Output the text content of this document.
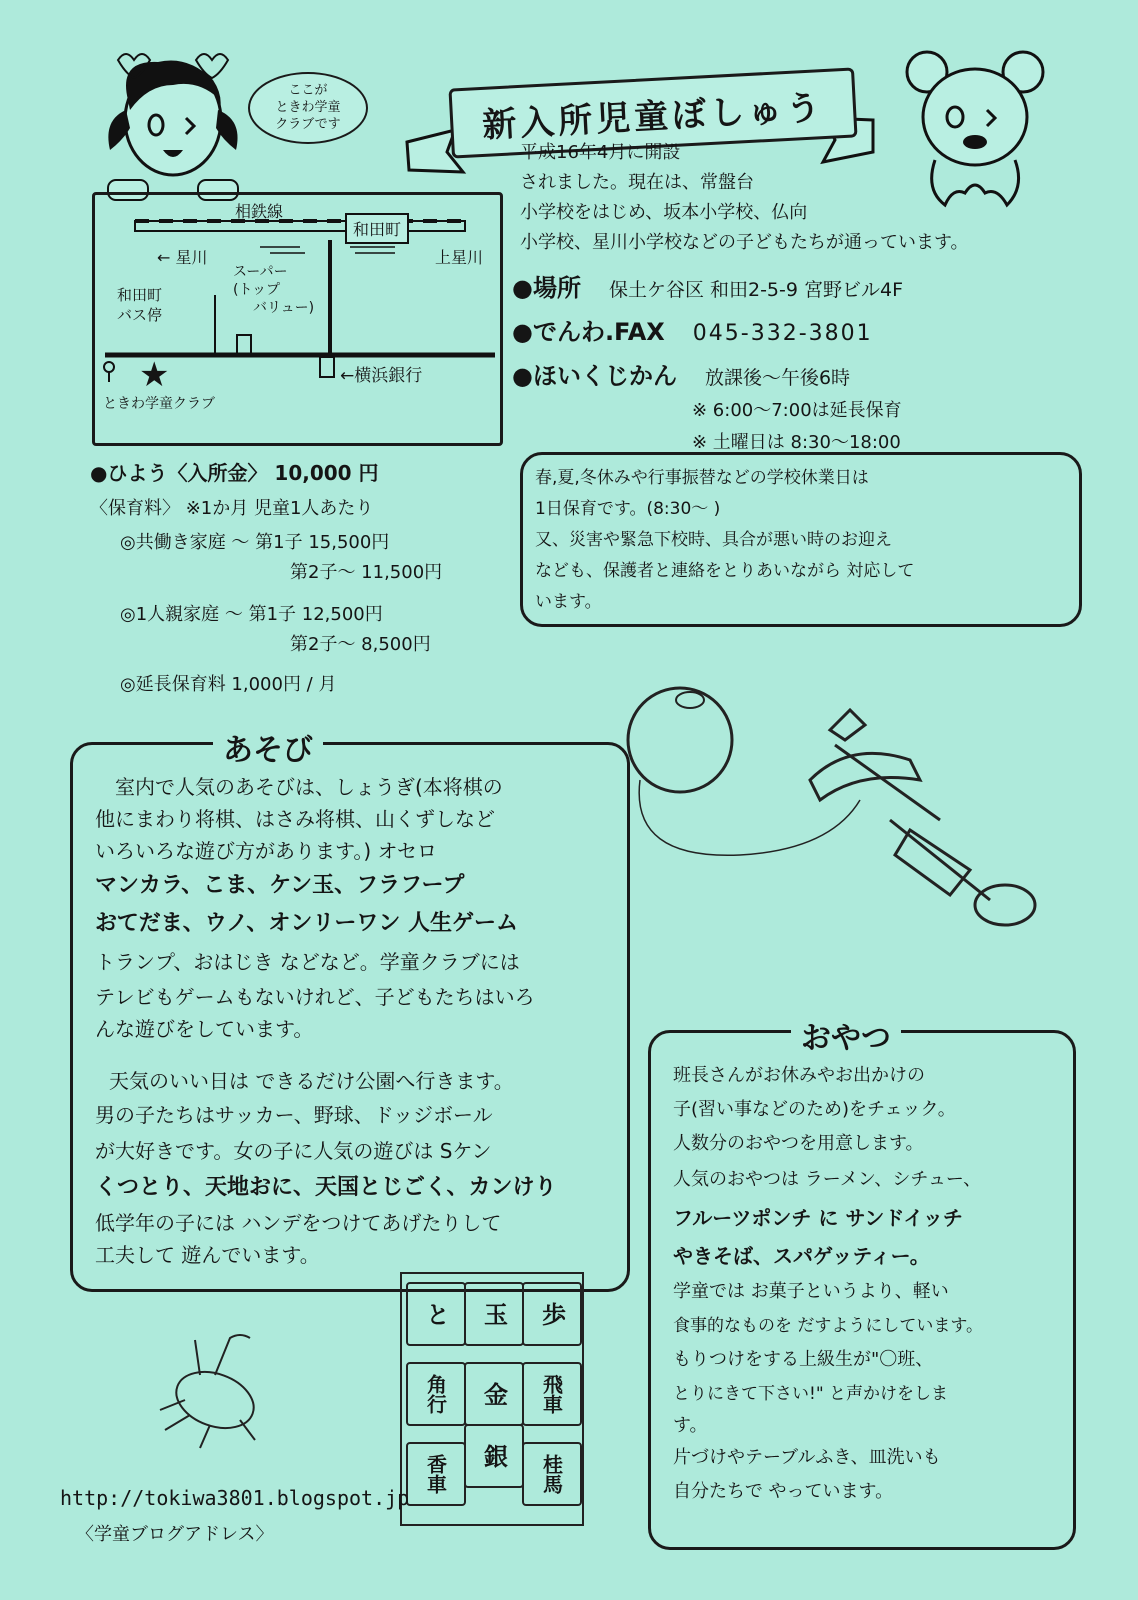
ここが
ときわ学童
クラブです	新入所児童ぼしゅう
平成16年4月に開設
されました。現在は、常盤台
小学校をはじめ、坂本小学校、仏向
小学校、星川小学校などの子どもたちが通っています。
●場所 保土ケ谷区 和田2-5-9 宮野ビル4F
●でんわ.FAX 045-332-3801
●ほいくじかん 放課後～午後6時
※ 6:00～7:00は延長保育
※ 土曜日は 8:30～18:00
相鉄線
和田町
← 星川	上星川
和田町
バス停
スーパー
(トップ
バリュー)
←横浜銀行
★
ときわ学童クラブ
春,夏,冬休みや行事振替などの学校休業日は
1日保育です。(8:30～ )
又、災害や緊急下校時、具合が悪い時のお迎え
なども、保護者と連絡をとりあいながら 対応して
います。
●ひよう〈入所金〉 10,000 円
〈保育料〉 ※1か月 児童1人あたり
◎共働き家庭 ～ 第1子 15,500円
第2子～ 11,500円
◎1人親家庭 ～ 第1子 12,500円
第2子～ 8,500円
◎延長保育料 1,000円 / 月
あそび
室内で人気のあそびは、しょうぎ(本将棋の
他にまわり将棋、はさみ将棋、山くずしなど
いろいろな遊び方があります。) オセロ
マンカラ、こま、ケン玉、フラフープ
おてだま、ウノ、オンリーワン 人生ゲーム
トランプ、おはじき などなど。学童クラブには
テレビもゲームもないけれど、子どもたちはいろ
んな遊びをしています。
天気のいい日は できるだけ公園へ行きます。
男の子たちはサッカー、野球、ドッジボール
が大好きです。女の子に人気の遊びは Sケン
くつとり、天地おに、天国とじごく、カンけり
低学年の子には ハンデをつけてあげたりして
工夫して 遊んでいます。
おやつ
班長さんがお休みやお出かけの
子(習い事などのため)をチェック。
人数分のおやつを用意します。
人気のおやつは ラーメン、シチュー、
フルーツポンチ に サンドイッチ
やきそば、スパゲッティー。
学童では お菓子というより、軽い
食事的なものを だすようにしています。
もりつけをする上級生が"〇班、
とりにきて下さい!" と声かけをしま
す。
片づけやテーブルふき、皿洗いも
自分たちで やっています。
と	玉	歩
角行	金	飛車
香車	銀	桂馬
http://tokiwa3801.blogspot.jp
〈学童ブログアドレス〉
